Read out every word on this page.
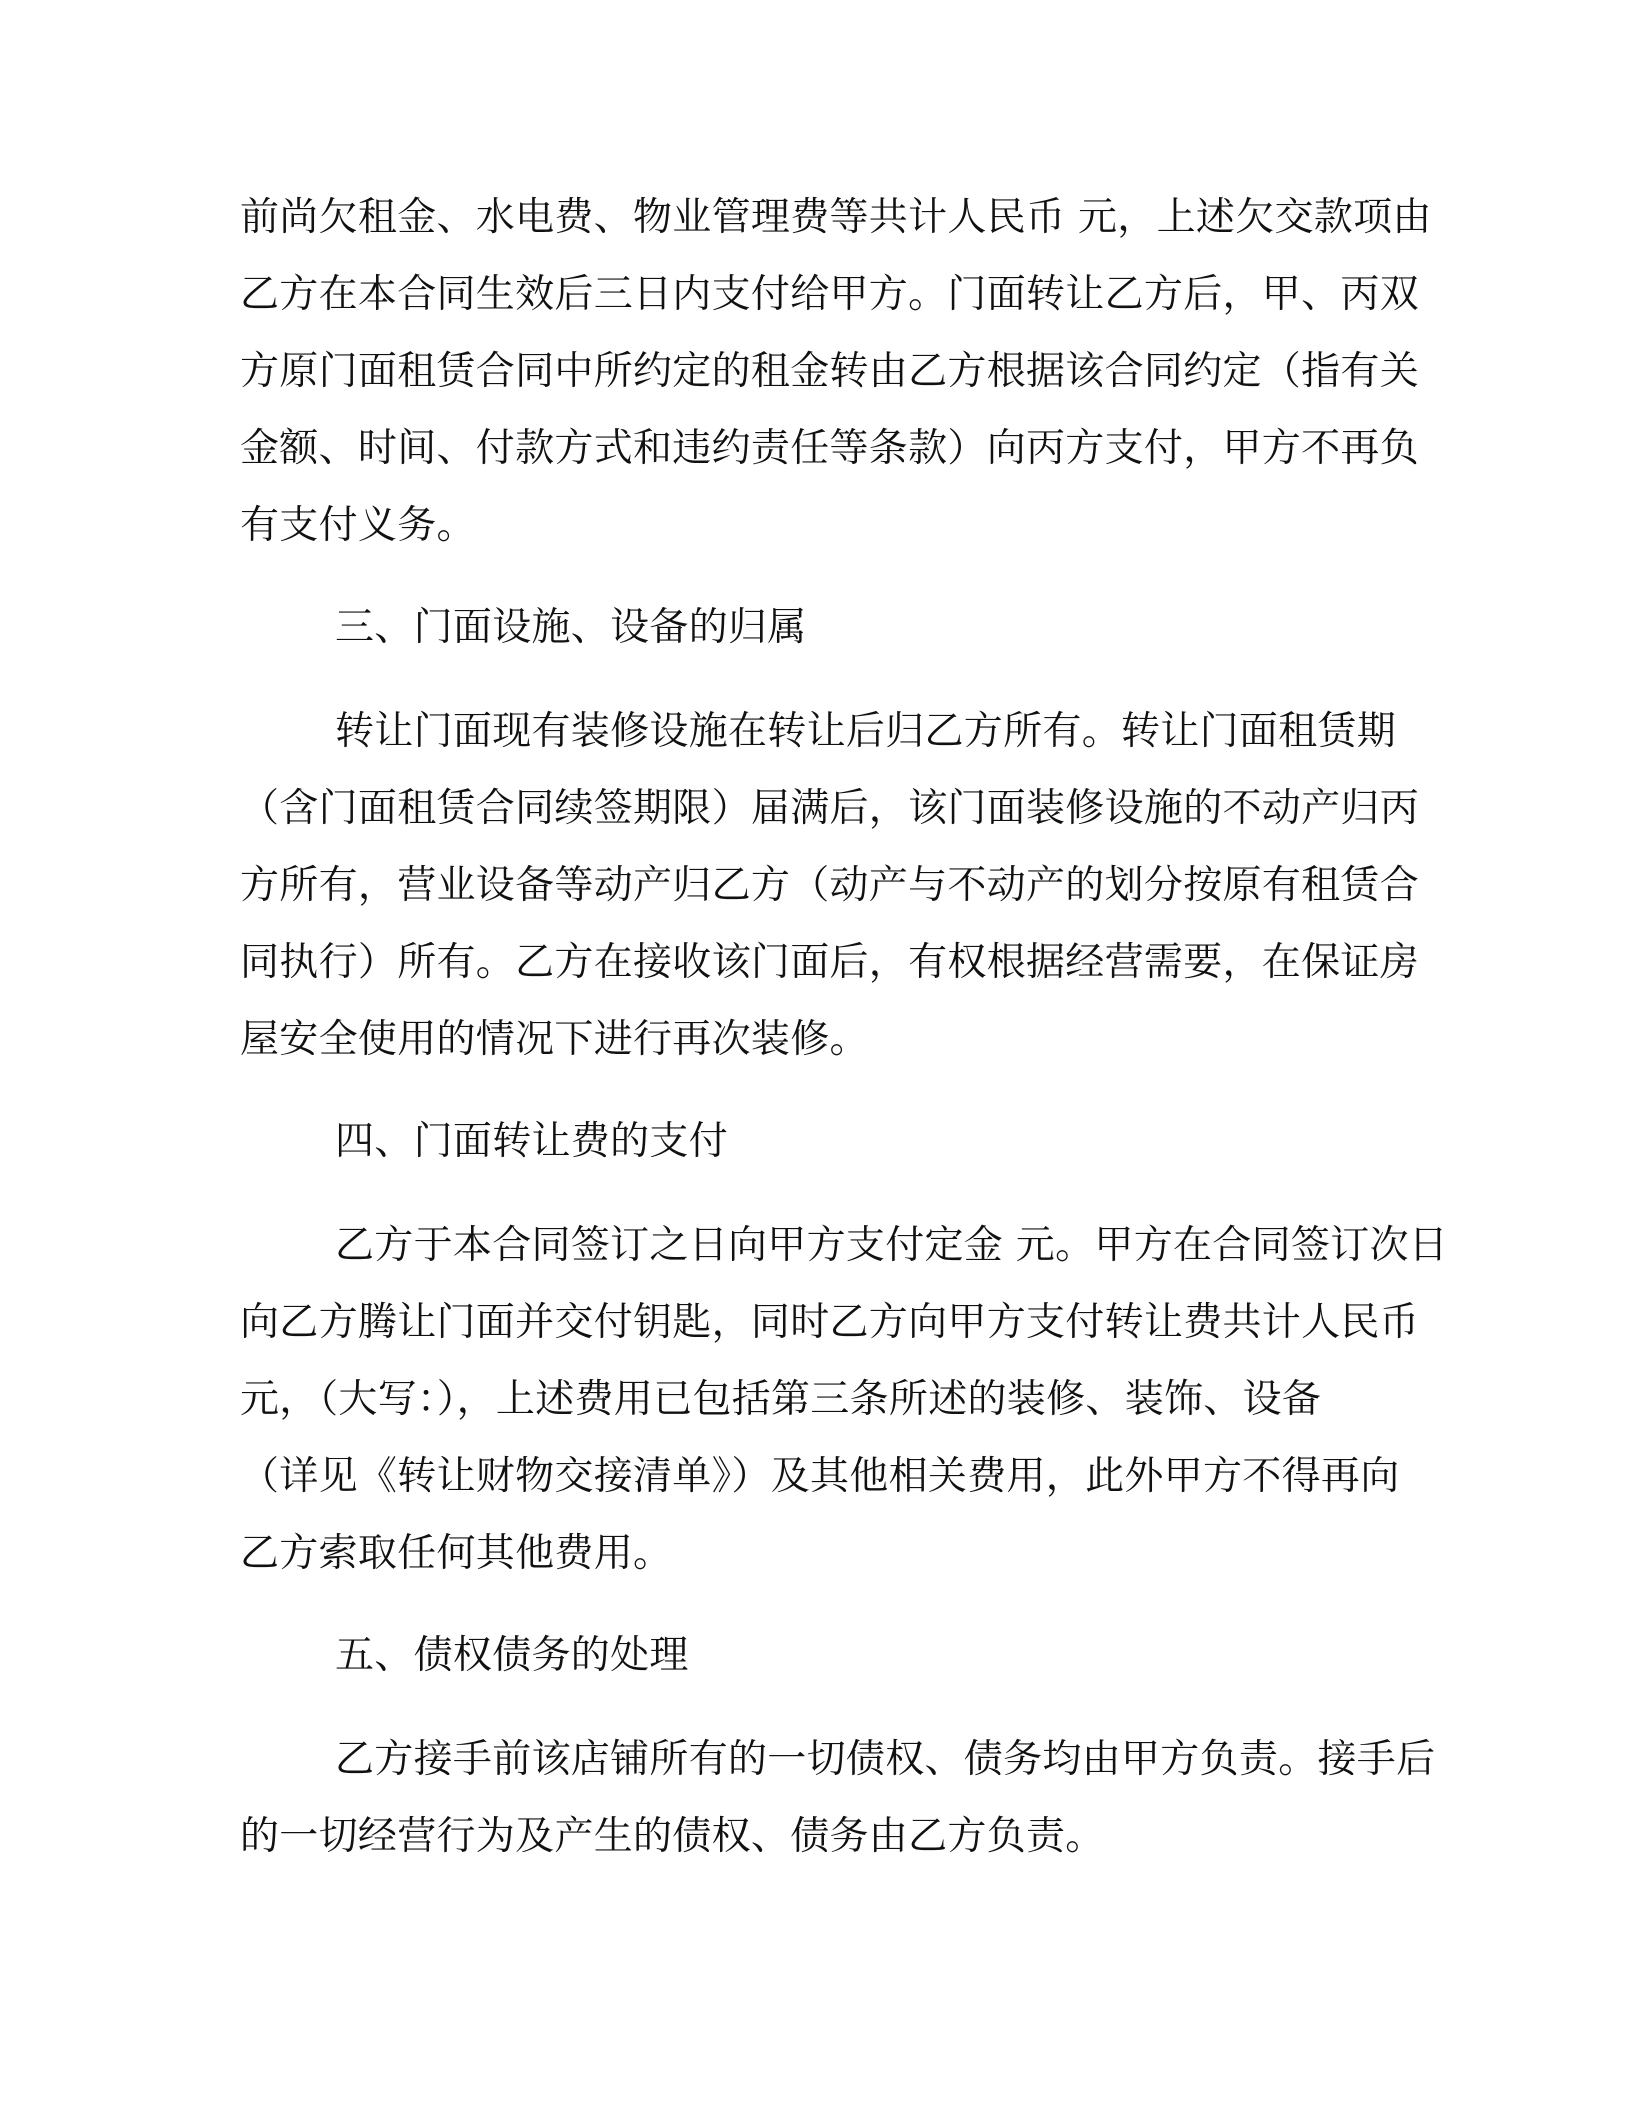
前尚欠租金、水电费、物业管理费等共计人民币 元，上述欠交款项由
乙方在本合同生效后三日内支付给甲方。门面转让乙方后，甲、丙双
方原门面租赁合同中所约定的租金转由乙方根据该合同约定（指有关
金额、时间、付款方式和违约责任等条款）向丙方支付，甲方不再负
有支付义务。
三、门面设施、设备的归属
转让门面现有装修设施在转让后归乙方所有。转让门面租赁期
（含门面租赁合同续签期限）届满后，该门面装修设施的不动产归丙
方所有，营业设备等动产归乙方（动产与不动产的划分按原有租赁合
同执行）所有。乙方在接收该门面后，有权根据经营需要，在保证房
屋安全使用的情况下进行再次装修。
四、门面转让费的支付
乙方于本合同签订之日向甲方支付定金 元。甲方在合同签订次日
向乙方腾让门面并交付钥匙，同时乙方向甲方支付转让费共计人民币
元，（大写：），上述费用已包括第三条所述的装修、装饰、设备
（详见《转让财物交接清单》）及其他相关费用，此外甲方不得再向
乙方索取任何其他费用。
五、债权债务的处理
乙方接手前该店铺所有的一切债权、债务均由甲方负责。接手后
的一切经营行为及产生的债权、债务由乙方负责。
